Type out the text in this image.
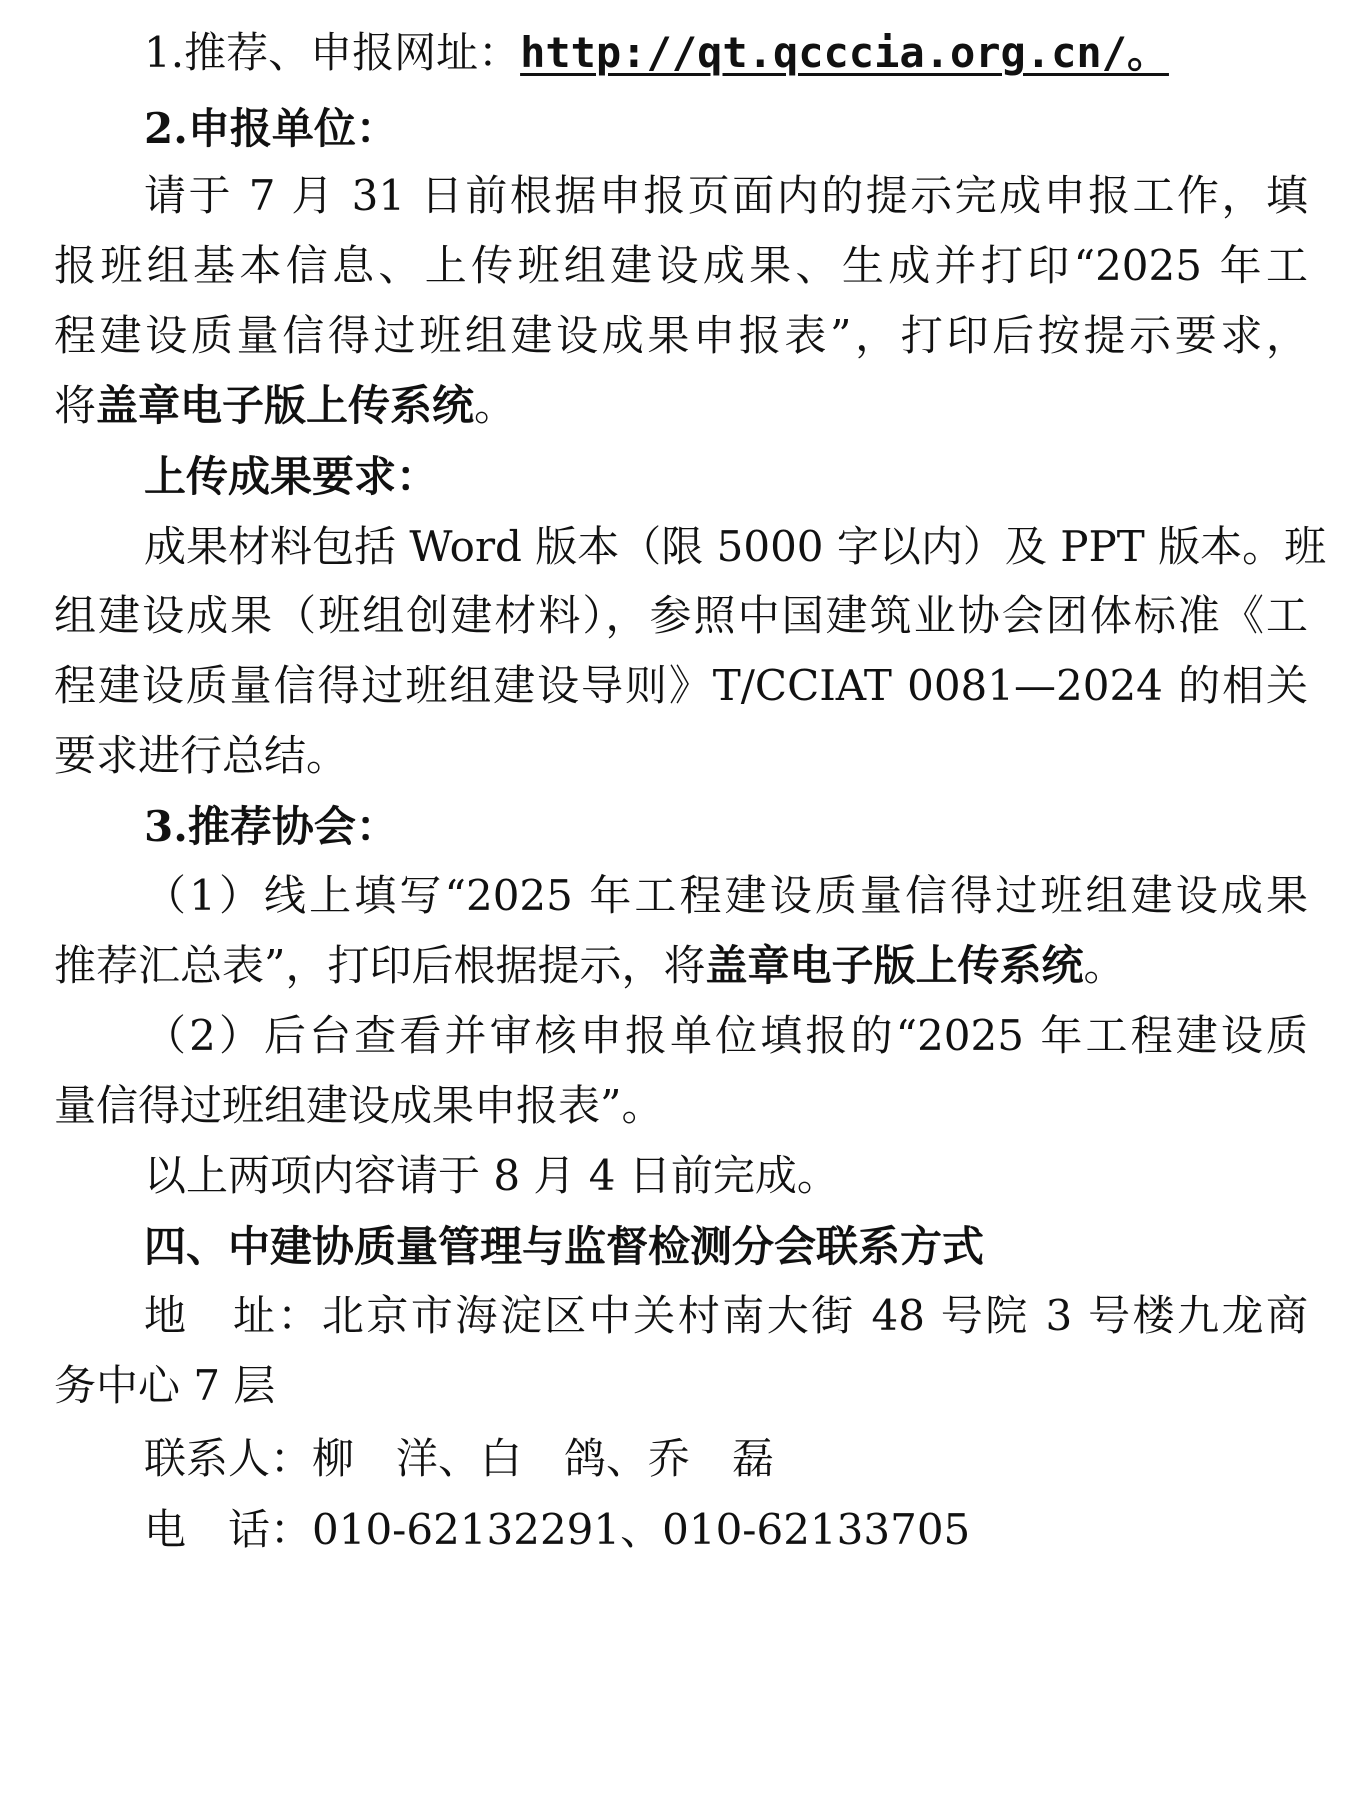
1.推荐、申报网址：http://qt.qcccia.org.cn/。
2.申报单位：
请于 7 月 31 日前根据申报页面内的提示完成申报工作，填
报班组基本信息、上传班组建设成果、生成并打印“2025 年工
程建设质量信得过班组建设成果申报表”，打印后按提示要求，
将盖章电子版上传系统。
上传成果要求：
成果材料包括 Word 版本（限 5000 字以内）及 PPT 版本。班
组建设成果（班组创建材料），参照中国建筑业协会团体标准《工
程建设质量信得过班组建设导则》T/CCIAT 0081—2024 的相关
要求进行总结。
3.推荐协会：
（1）线上填写“2025 年工程建设质量信得过班组建设成果
推荐汇总表”，打印后根据提示，将盖章电子版上传系统。
（2）后台查看并审核申报单位填报的“2025 年工程建设质
量信得过班组建设成果申报表”。
以上两项内容请于 8 月 4 日前完成。
四、中建协质量管理与监督检测分会联系方式
地　址：北京市海淀区中关村南大街 48 号院 3 号楼九龙商
务中心 7 层
联系人：柳　洋、白　鸽、乔　磊
电　话：010-62132291、010-62133705
